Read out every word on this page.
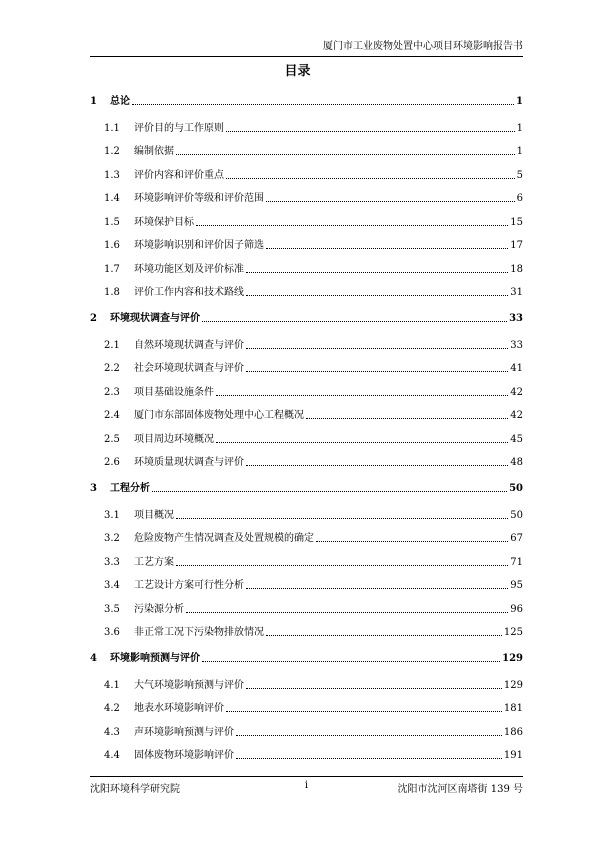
厦门市工业废物处置中心项目环境影响报告书
目录
1	总论	1
1.1	评价目的与工作原则	1
1.2	编制依据	1
1.3	评价内容和评价重点	5
1.4	环境影响评价等级和评价范围	6
1.5	环境保护目标	15
1.6	环境影响识别和评价因子筛选	17
1.7	环境功能区划及评价标准	18
1.8	评价工作内容和技术路线	31
2	环境现状调查与评价	33
2.1	自然环境现状调查与评价	33
2.2	社会环境现状调查与评价	41
2.3	项目基础设施条件	42
2.4	厦门市东部固体废物处理中心工程概况	42
2.5	项目周边环境概况	45
2.6	环境质量现状调查与评价	48
3	工程分析	50
3.1	项目概况	50
3.2	危险废物产生情况调查及处置规模的确定	67
3.3	工艺方案	71
3.4	工艺设计方案可行性分析	95
3.5	污染源分析	96
3.6	非正常工况下污染物排放情况	125
4	环境影响预测与评价	129
4.1	大气环境影响预测与评价	129
4.2	地表水环境影响评价	181
4.3	声环境影响预测与评价	186
4.4	固体废物环境影响评价	191
沈阳环境科学研究院	i	沈阳市沈河区南塔街 139 号
